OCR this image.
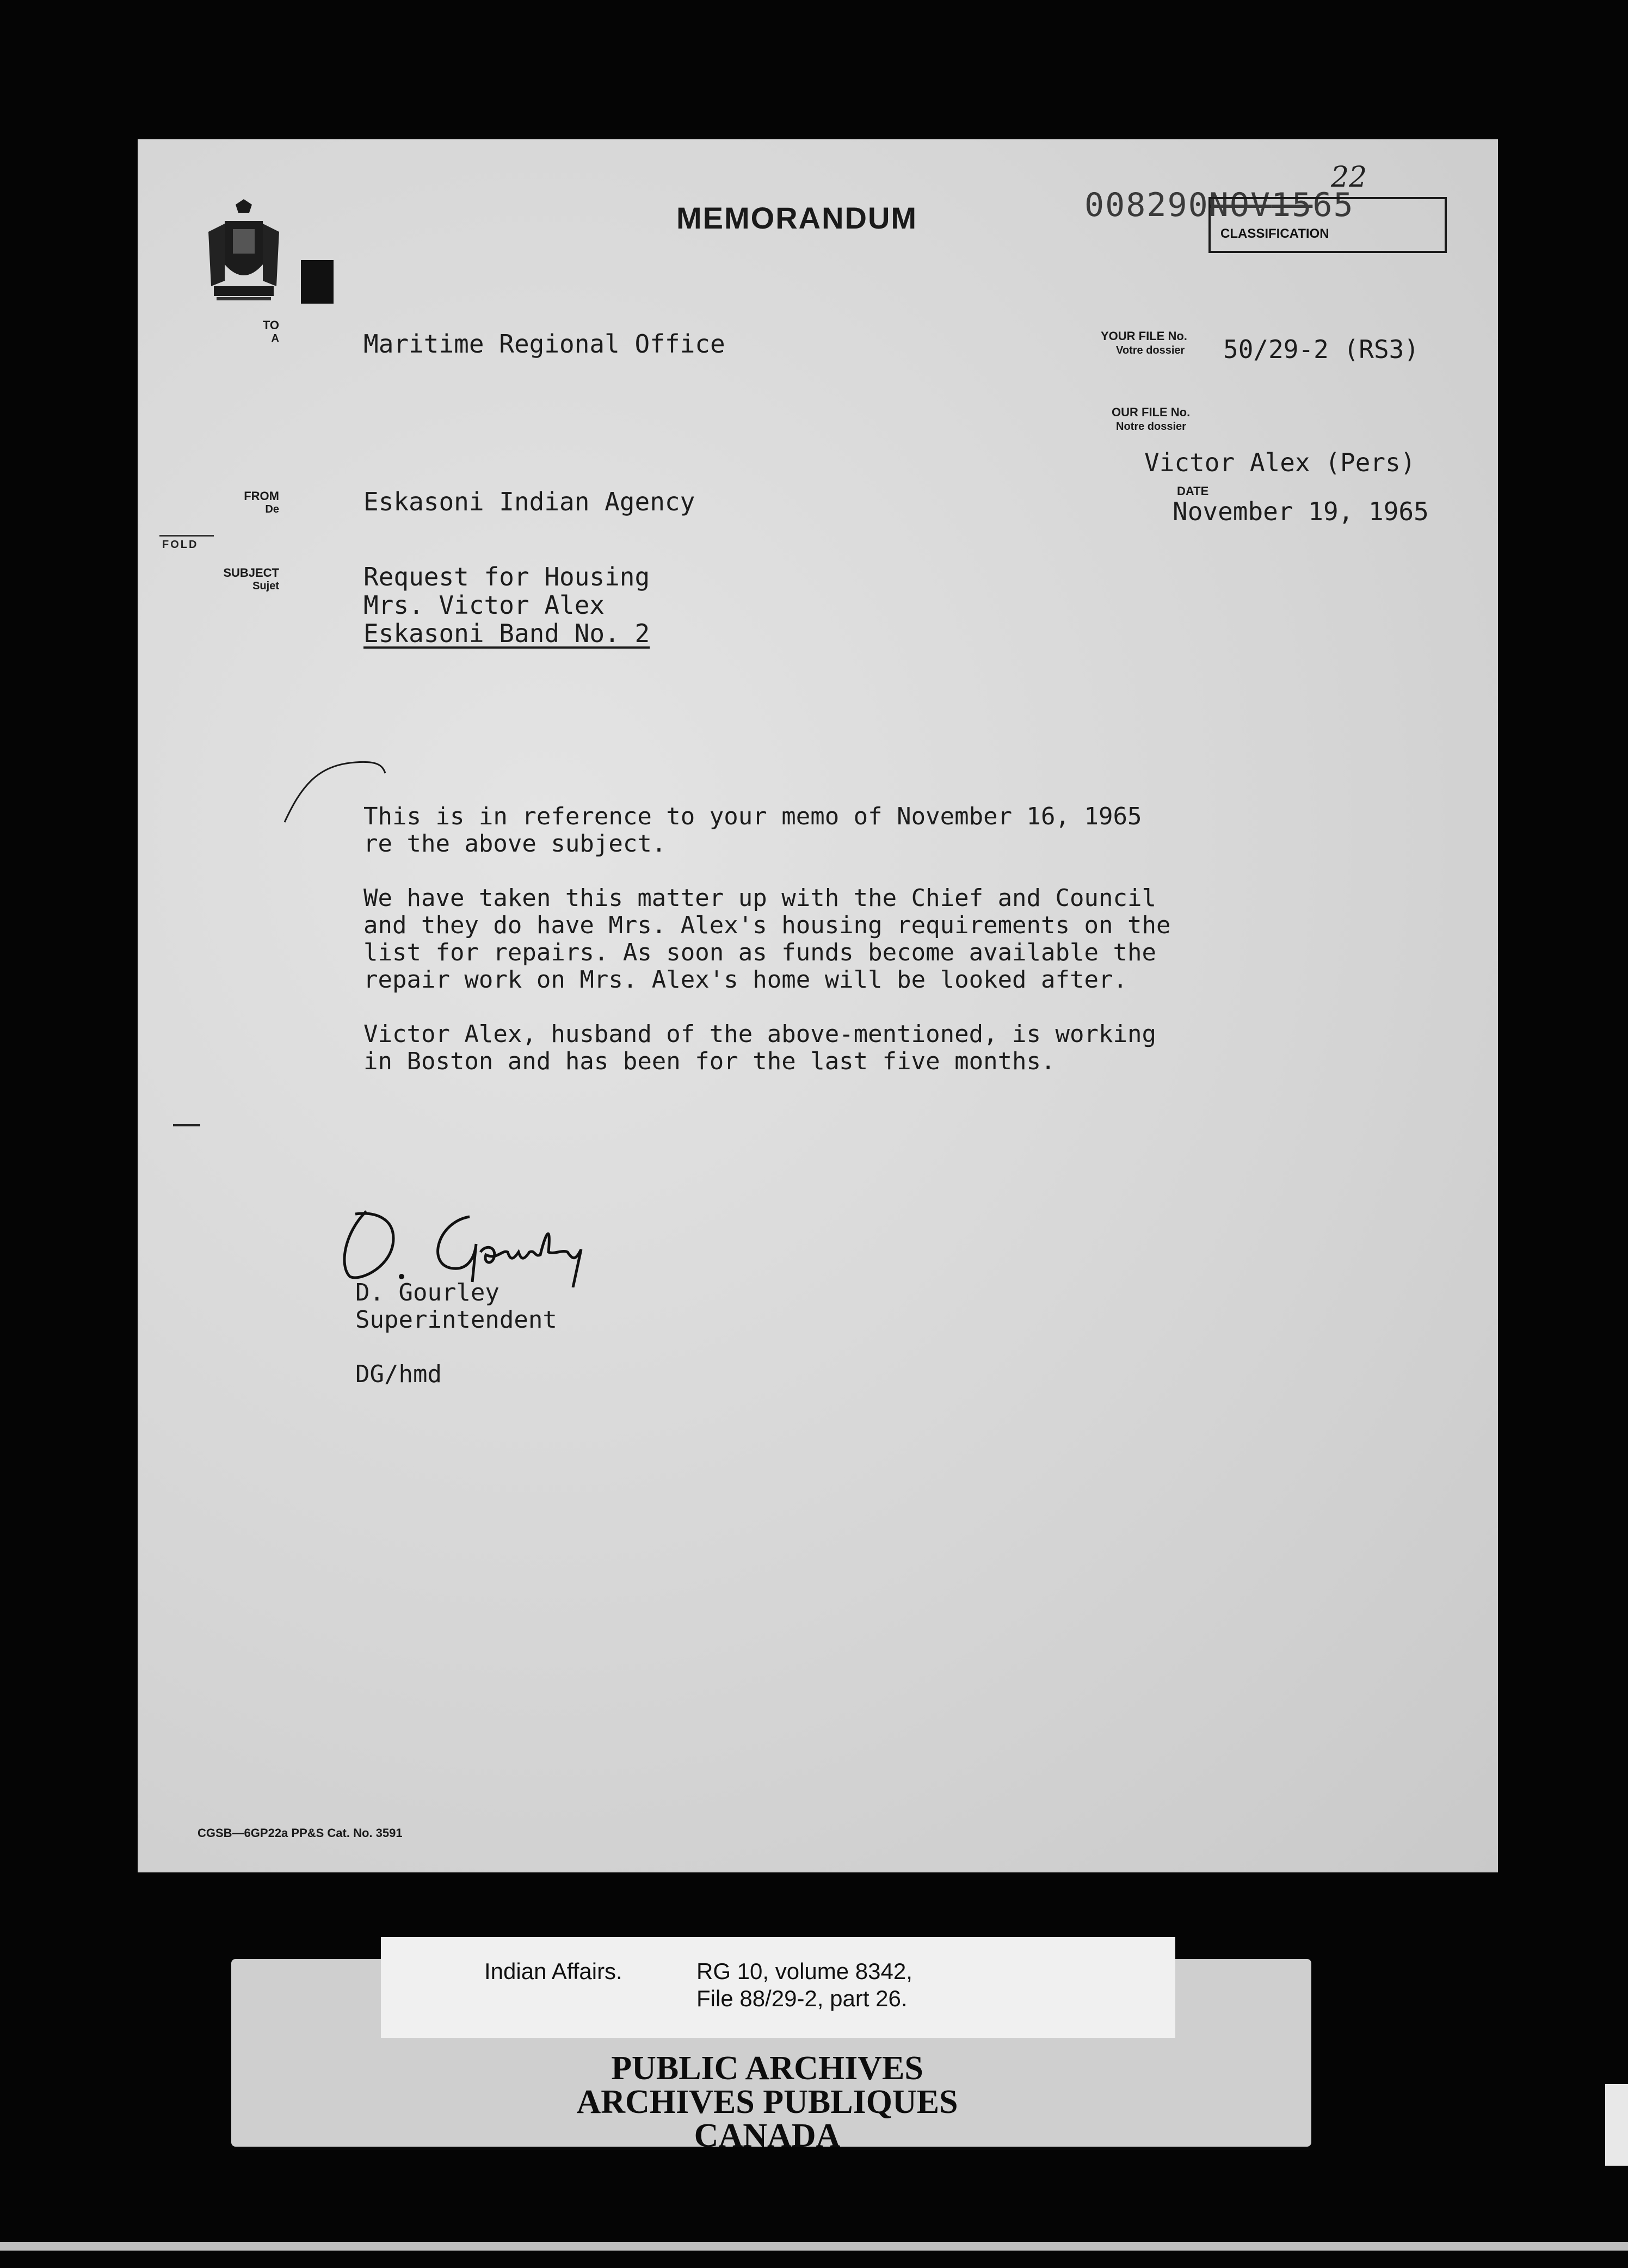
MEMORANDUM	008290NOV1565
22
CLASSIFICATION
TO
A	Maritime Regional Office
FROM
De	Eskasoni Indian Agency
FOLD
SUBJECT
Sujet	Request for Housing
Mrs. Victor Alex
Eskasoni Band No. 2
YOUR FILE No.
Votre dossier 50/29-2 (RS3)
OUR FILE No.
Notre dossier
Victor Alex (Pers)
DATE
November 19, 1965
This is in reference to your memo of November 16, 1965
re the above subject.
We have taken this matter up with the Chief and Council
and they do have Mrs. Alex's housing requirements on the
list for repairs. As soon as funds become available the
repair work on Mrs. Alex's home will be looked after.
Victor Alex, husband of the above-mentioned, is working
in Boston and has been for the last five months.
D. Gourley
Superintendent
DG/hmd
CGSB—6GP22a PP&S Cat. No. 3591
Indian Affairs.	RG 10, volume 8342,
File 88/29-2, part 26.
PUBLIC ARCHIVES
ARCHIVES PUBLIQUES
CANADA
